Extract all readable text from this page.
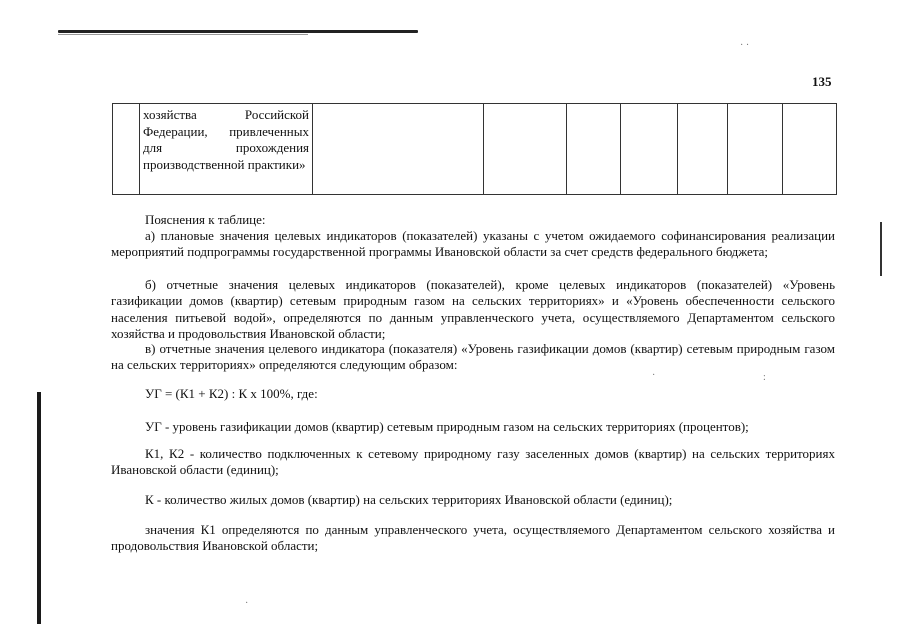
135

хозяйства Российской Федерации, привлеченных для прохождения производственной практики»

Пояснения к таблице:
а) плановые значения целевых индикаторов (показателей) указаны с учетом ожидаемого софинансирования реализации мероприятий подпрограммы государственной программы Ивановской области за счет средств федерального бюджета;
б) отчетные значения целевых индикаторов (показателей), кроме целевых индикаторов (показателей) «Уровень газификации домов (квартир) сетевым природным газом на сельских территориях» и «Уровень обеспеченности сельского населения питьевой водой», определяются по данным управленческого учета, осуществляемого Департаментом сельского хозяйства и продовольствия Ивановской области;
в) отчетные значения целевого индикатора (показателя) «Уровень газификации домов (квартир) сетевым природным газом на сельских территориях» определяются следующим образом:
УГ = (К1 + К2) : К х 100%, где:
УГ - уровень газификации домов (квартир) сетевым природным газом на сельских территориях (процентов);
К1, К2 - количество подключенных к сетевому природному газу заселенных домов (квартир) на сельских территориях Ивановской области (единиц);
К - количество жилых домов (квартир) на сельских территориях Ивановской области (единиц);
значения К1 определяются по данным управленческого учета, осуществляемого Департаментом сельского хозяйства и продовольствия Ивановской области;
·	:
·
· ·
